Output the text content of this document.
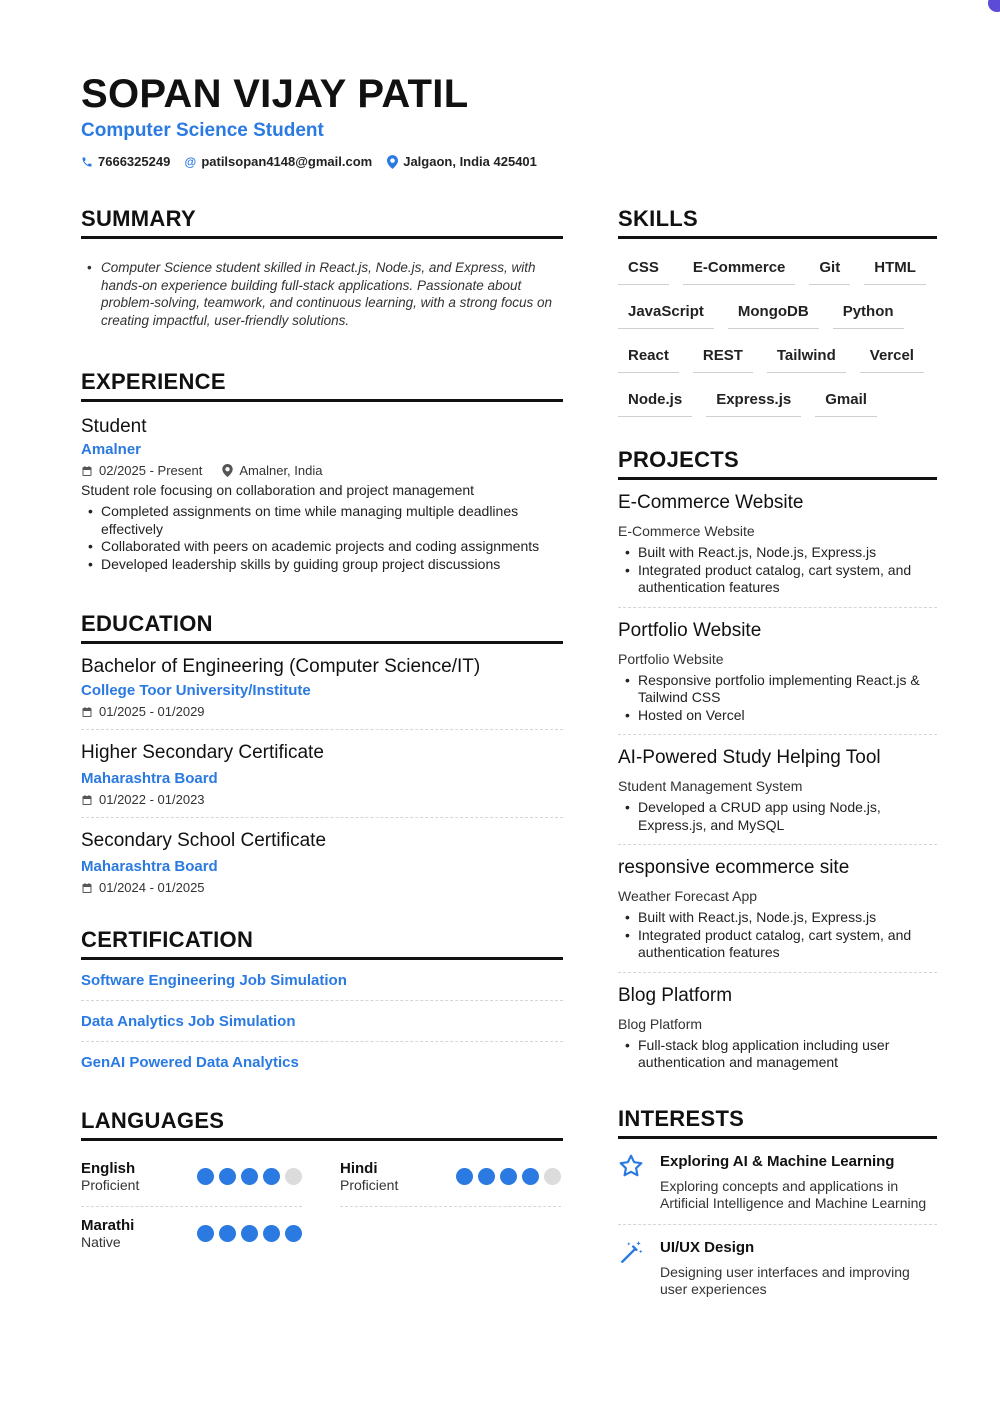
SOPAN VIJAY PATIL
Computer Science Student
7666325249 @ patilsopan4148@gmail.com Jalgaon, India 425401
SUMMARY

• Computer Science student skilled in React.js, Node.js, and Express, with hands-on experience building full-stack applications. Passionate about problem-solving, teamwork, and continuous learning, with a strong focus on creating impactful, user-friendly solutions.

EXPERIENCE
Student
Amalner
02/2025 - Present	Amalner, India
Student role focusing on collaboration and project management
• Completed assignments on time while managing multiple deadlines effectively
• Collaborated with peers on academic projects and coding assignments
• Developed leadership skills by guiding group project discussions
EDUCATION
Bachelor of Engineering (Computer Science/IT)
College Toor University/Institute
01/2025 - 01/2029
Higher Secondary Certificate
Maharashtra Board
01/2022 - 01/2023
Secondary School Certificate
Maharashtra Board
01/2024 - 01/2025
CERTIFICATION
Software Engineering Job Simulation
Data Analytics Job Simulation
GenAI Powered Data Analytics
LANGUAGES
English
Proficient
Hindi
Proficient
Marathi
Native
SKILLS
CSS	E-Commerce	Git	HTML
JavaScript	MongoDB	Python
React	REST	Tailwind	Vercel
Node.js	Express.js	Gmail
PROJECTS
E-Commerce Website
E-Commerce Website
• Built with React.js, Node.js, Express.js
• Integrated product catalog, cart system, and authentication features
Portfolio Website
Portfolio Website
• Responsive portfolio implementing React.js & Tailwind CSS
• Hosted on Vercel
AI-Powered Study Helping Tool
Student Management System
• Developed a CRUD app using Node.js, Express.js, and MySQL
responsive ecommerce site
Weather Forecast App
• Built with React.js, Node.js, Express.js
• Integrated product catalog, cart system, and authentication features
Blog Platform
Blog Platform
• Full-stack blog application including user authentication and management
INTERESTS
Exploring AI & Machine Learning
Exploring concepts and applications in Artificial Intelligence and Machine Learning
UI/UX Design
Designing user interfaces and improving user experiences
